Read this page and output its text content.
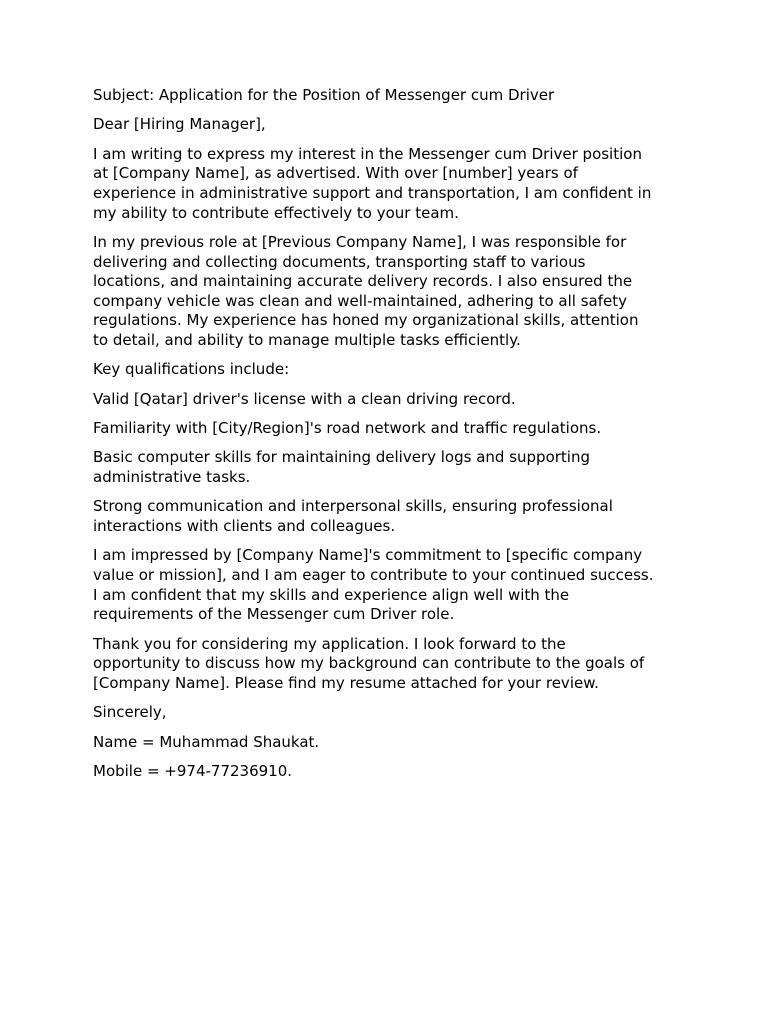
Subject: Application for the Position of Messenger cum Driver

Dear [Hiring Manager],

I am writing to express my interest in the Messenger cum Driver position
at [Company Name], as advertised. With over [number] years of
experience in administrative support and transportation, I am confident in
my ability to contribute effectively to your team.

In my previous role at [Previous Company Name], I was responsible for
delivering and collecting documents, transporting staff to various
locations, and maintaining accurate delivery records. I also ensured the
company vehicle was clean and well-maintained, adhering to all safety
regulations. My experience has honed my organizational skills, attention
to detail, and ability to manage multiple tasks efficiently.

Key qualifications include:

Valid [Qatar] driver's license with a clean driving record.

Familiarity with [City/Region]'s road network and traffic regulations.

Basic computer skills for maintaining delivery logs and supporting
administrative tasks.

Strong communication and interpersonal skills, ensuring professional
interactions with clients and colleagues.

I am impressed by [Company Name]'s commitment to [specific company
value or mission], and I am eager to contribute to your continued success.
I am confident that my skills and experience align well with the
requirements of the Messenger cum Driver role.

Thank you for considering my application. I look forward to the
opportunity to discuss how my background can contribute to the goals of
[Company Name]. Please find my resume attached for your review.

Sincerely,

Name = Muhammad Shaukat.

Mobile = +974-77236910.
